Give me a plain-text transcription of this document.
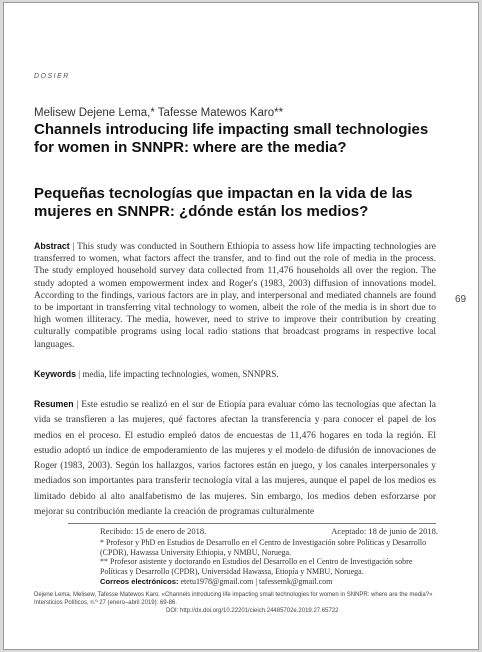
DOSIER
Melisew Dejene Lema,* Tafesse Matewos Karo**
Channels introducing life impacting small technologies for women in SNNPR: where are the media?
Pequeñas tecnologías que impactan en la vida de las mujeres en SNNPR: ¿dónde están los medios?
Abstract | This study was conducted in Southern Ethiopia to assess how life impacting technologies are transferred to women, what factors affect the transfer, and to find out the role of media in the process. The study employed household survey data collected from 11,476 households all over the region. The study adopted a women empowerment index and Roger's (1983, 2003) diffusion of innovations model. According to the findings, various factors are in play, and interpersonal and mediated channels are found to be important in transferring vital technology to women, albeit the role of the media is in short due to high women illiteracy. The media, however, need to strive to improve their contribution by creating culturally compatible programs using local radio stations that broadcast programs in respective local languages.
Keywords | media, life impacting technologies, women, SNNPRS.
69
Resumen | Este estudio se realizó en el sur de Etiopía para evaluar cómo las tecnologías que afectan la vida se transfieren a las mujeres, qué factores afectan la transferencia y para conocer el papel de los medios en el proceso. El estudio empleó datos de encuestas de 11,476 hogares en toda la región. El estudio adoptó un índice de empoderamiento de las mujeres y el modelo de difusión de innovaciones de Roger (1983, 2003). Según los hallazgos, varios factores están en juego, y los canales interpersonales y mediados son importantes para transferir tecnología vital a las mujeres, aunque el papel de los medios es limitado debido al alto analfabetismo de las mujeres. Sin embargo, los medios deben esforzarse por mejorar su contribución mediante la creación de programas culturalmente
Recibido: 15 de enero de 2018.	Aceptado: 18 de junio de 2018.
* Profesor y PhD en Estudios de Desarrollo en el Centro de Investigación sobre Políticas y Desarrollo (CPDR), Hawassa University Ethiopia, y NMBU, Noruega.
** Profesor asistente y doctorando en Estudios del Desarrollo en el Centro de Investigación sobre Políticas y Desarrollo (CPDR), Universidad Hawassa, Etiopía y NMBU, Noruega.
Correos electrónicos: etetu1978@gmail.com | tafessemk@gmail.com
Dejene Lema, Melisew, Tafesse Matewos Karo. «Channels introducing life impacting small technologies for women in SNNPR: where are the media?» Intersticios Políticos, n.º 27 (enero–abril 2019): 69-86.
DOI: http://dx.doi.org/10.22201/cieich.24485702e.2019.27.65722
